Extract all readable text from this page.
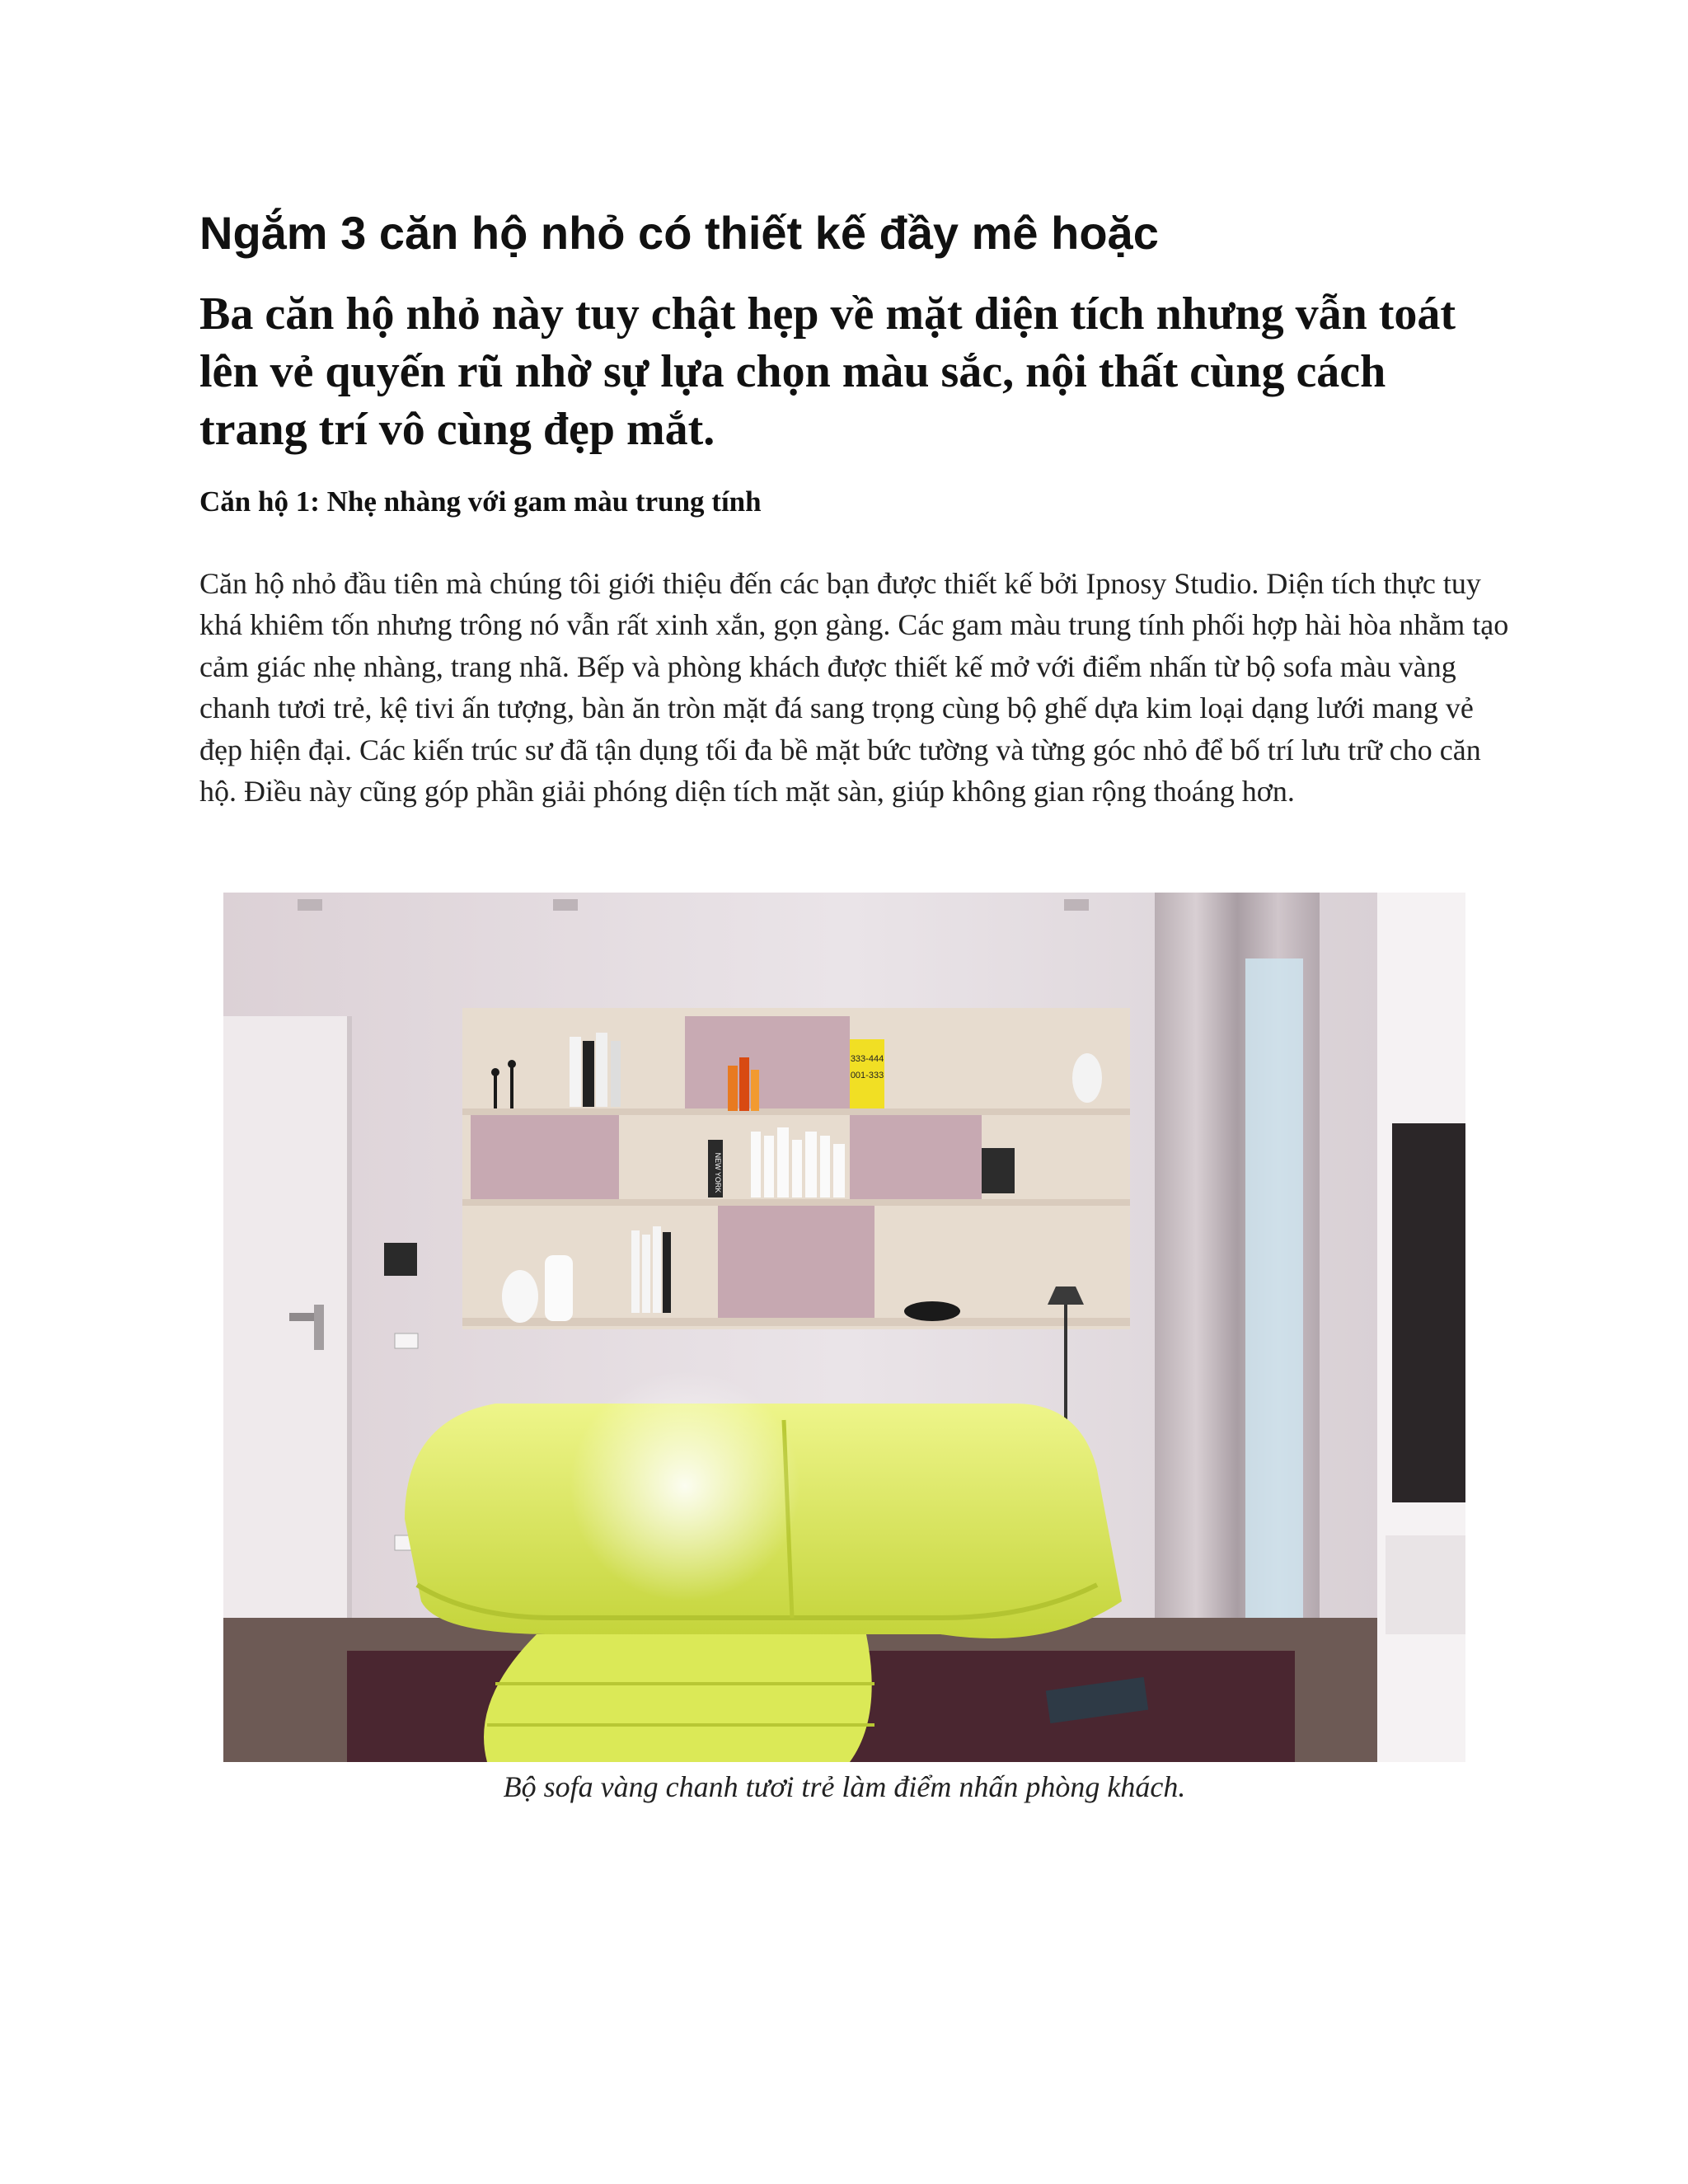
Ngắm 3 căn hộ nhỏ có thiết kế đầy mê hoặc
Ba căn hộ nhỏ này tuy chật hẹp về mặt diện tích nhưng vẫn toát lên vẻ quyến rũ nhờ sự lựa chọn màu sắc, nội thất cùng cách trang trí vô cùng đẹp mắt.
Căn hộ 1: Nhẹ nhàng với gam màu trung tính

Căn hộ nhỏ đầu tiên mà chúng tôi giới thiệu đến các bạn được thiết kế bởi Ipnosy Studio. Diện tích thực tuy khá khiêm tốn nhưng trông nó vẫn rất xinh xắn, gọn gàng. Các gam màu trung tính phối hợp hài hòa nhằm tạo cảm giác nhẹ nhàng, trang nhã. Bếp và phòng khách được thiết kế mở với điểm nhấn từ bộ sofa màu vàng chanh tươi trẻ, kệ tivi ấn tượng, bàn ăn tròn mặt đá sang trọng cùng bộ ghế dựa kim loại dạng lưới mang vẻ đẹp hiện đại. Các kiến trúc sư đã tận dụng tối đa bề mặt bức tường và từng góc nhỏ để bố trí lưu trữ cho căn hộ. Điều này cũng góp phần giải phóng diện tích mặt sàn, giúp không gian rộng thoáng hơn.

333-444
001-333
NEW YORK

Bộ sofa vàng chanh tươi trẻ làm điểm nhấn phòng khách.
